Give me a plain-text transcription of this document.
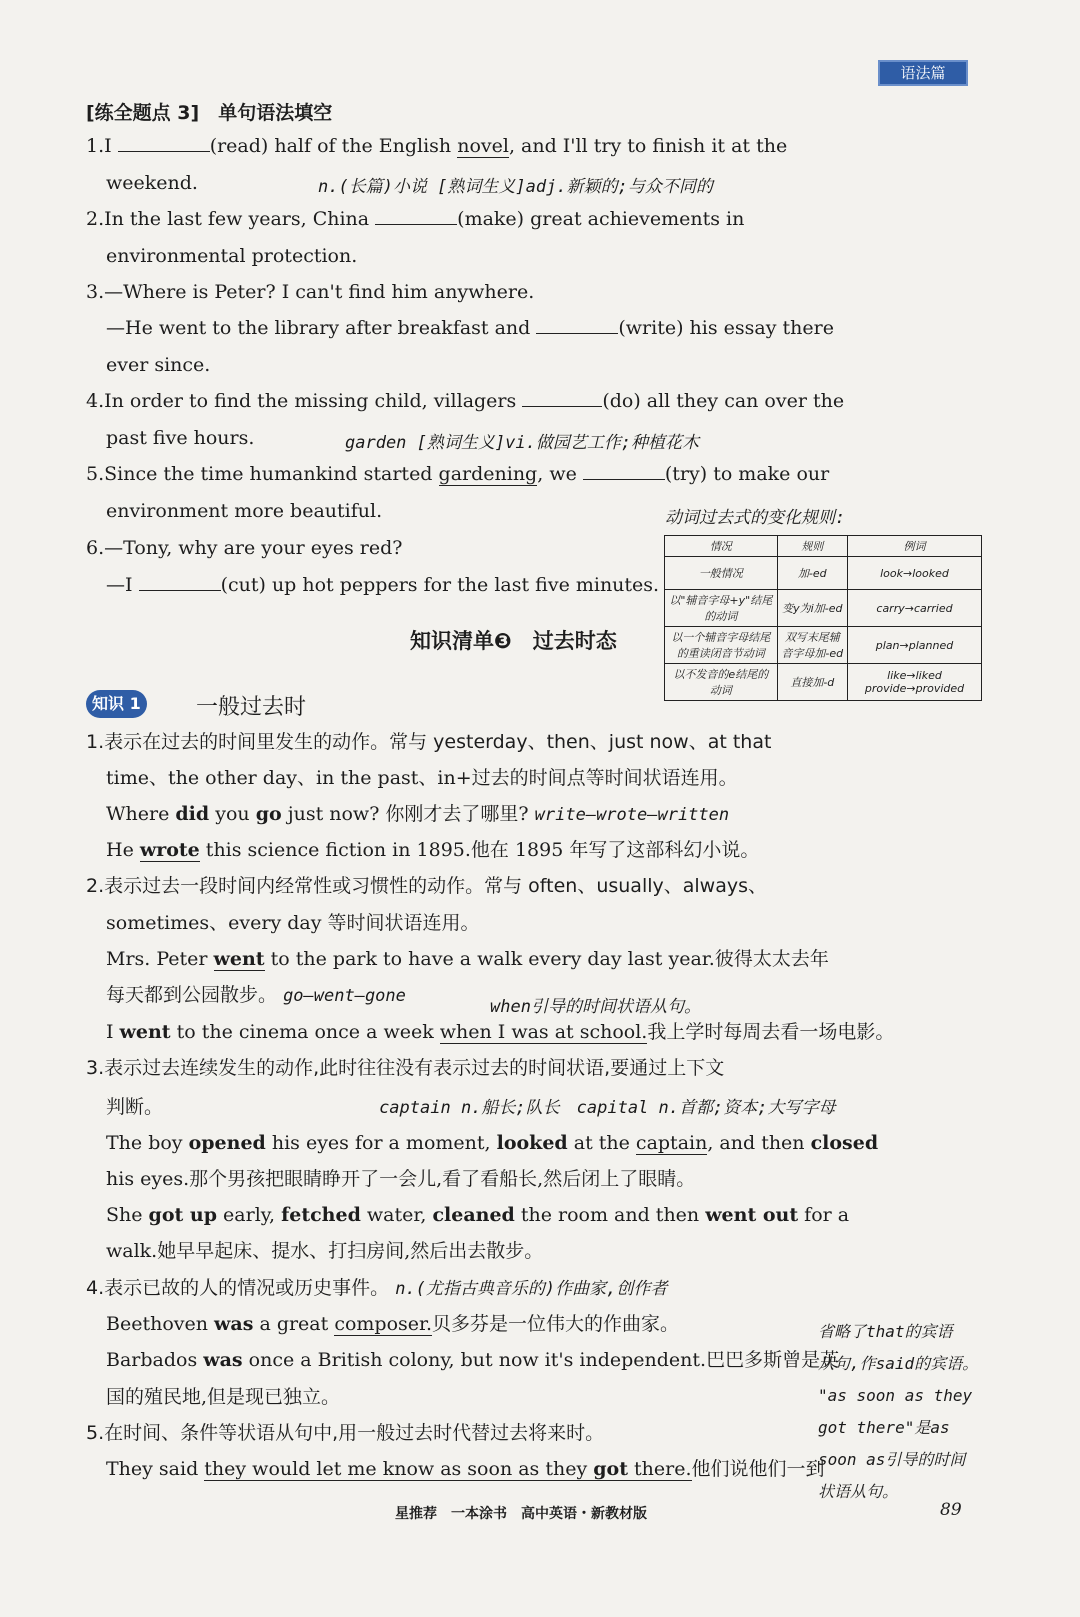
语法篇
[练全题点 3]　单句语法填空
1.I	(read) half of the English novel, and I'll try to finish it at the
weekend.	n.(长篇)小说 [熟词生义]adj.新颖的;与众不同的
2.In the last few years, China	(make) great achievements in
environmental protection.
3.—Where is Peter? I can't find him anywhere.
—He went to the library after breakfast and	(write) his essay there
ever since.
4.In order to find the missing child, villagers	(do) all they can over the
past five hours.	garden [熟词生义]vi.做园艺工作;种植花木
5.Since the time humankind started gardening, we	(try) to make our
environment more beautiful.	动词过去式的变化规则:
6.—Tony, why are your eyes red?
—I	(cut) up hot peppers for the last five minutes.
情况	规则	例词
一般情况	加-ed	look→looked
以"辅音字母+y"结尾的动词	变y为i加-ed	carry→carried
以一个辅音字母结尾的重读闭音节动词	双写末尾辅音字母加-ed	plan→planned
以不发音的e结尾的动词	直接加-d	like→liked provide→provided
知识清单❸　过去时态
知识 1	一般过去时
1.表示在过去的时间里发生的动作。常与 yesterday、then、just now、at that
time、the other day、in the past、in+过去的时间点等时间状语连用。
Where did you go just now? 你刚才去了哪里? write—wrote—written
He wrote this science fiction in 1895.他在 1895 年写了这部科幻小说。
2.表示过去一段时间内经常性或习惯性的动作。常与 often、usually、always、
sometimes、every day 等时间状语连用。
Mrs. Peter went to the park to have a walk every day last year.彼得太太去年
每天都到公园散步。 go—went—gone
when引导的时间状语从句。
I went to the cinema once a week when I was at school.我上学时每周去看一场电影。
3.表示过去连续发生的动作,此时往往没有表示过去的时间状语,要通过上下文
判断。	captain n.船长;队长　capital n.首都;资本;大写字母
The boy opened his eyes for a moment, looked at the captain, and then closed
his eyes.那个男孩把眼睛睁开了一会儿,看了看船长,然后闭上了眼睛。
She got up early, fetched water, cleaned the room and then went out for a
walk.她早早起床、提水、打扫房间,然后出去散步。
4.表示已故的人的情况或历史事件。 n.(尤指古典音乐的)作曲家,创作者
Beethoven was a great composer.贝多芬是一位伟大的作曲家。
Barbados was once a British colony, but now it's independent.巴巴多斯曾是英
国的殖民地,但是现已独立。
5.在时间、条件等状语从句中,用一般过去时代替过去将来时。
They said they would let me know as soon as they got there.他们说他们一到
省略了that的宾语
从句,作said的宾语。
"as soon as they
got there"是as
soon as引导的时间
状语从句。
星推荐　一本涂书　高中英语・新教材版	89
